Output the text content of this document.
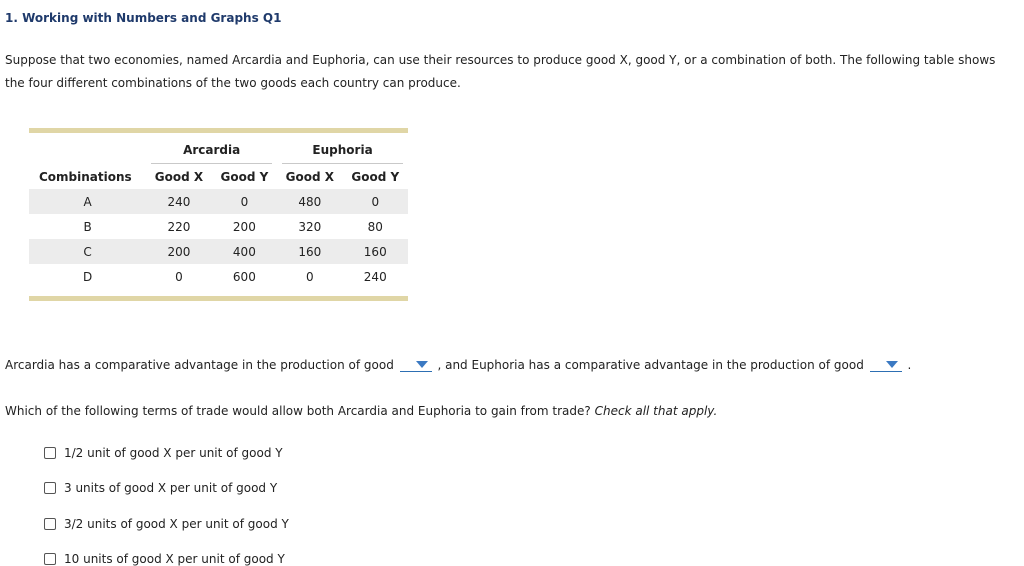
1. Working with Numbers and Graphs Q1
Suppose that two economies, named Arcardia and Euphoria, can use their resources to produce good X, good Y, or a combination of both. The following table shows the four different combinations of the two goods each country can produce.
	Arcardia		Euphoria	

Combinations	Good X	Good Y	Good X	Good Y
A	240	0	480	0
B	220	200	320	80
C	200	400	160	160
D	0	600	0	240
Arcardia has a comparative advantage in the production of good	, and Euphoria has a comparative advantage in the production of good	.
Which of the following terms of trade would allow both Arcardia and Euphoria to gain from trade? Check all that apply.
1/2 unit of good X per unit of good Y
3 units of good X per unit of good Y
3/2 units of good X per unit of good Y
10 units of good X per unit of good Y
